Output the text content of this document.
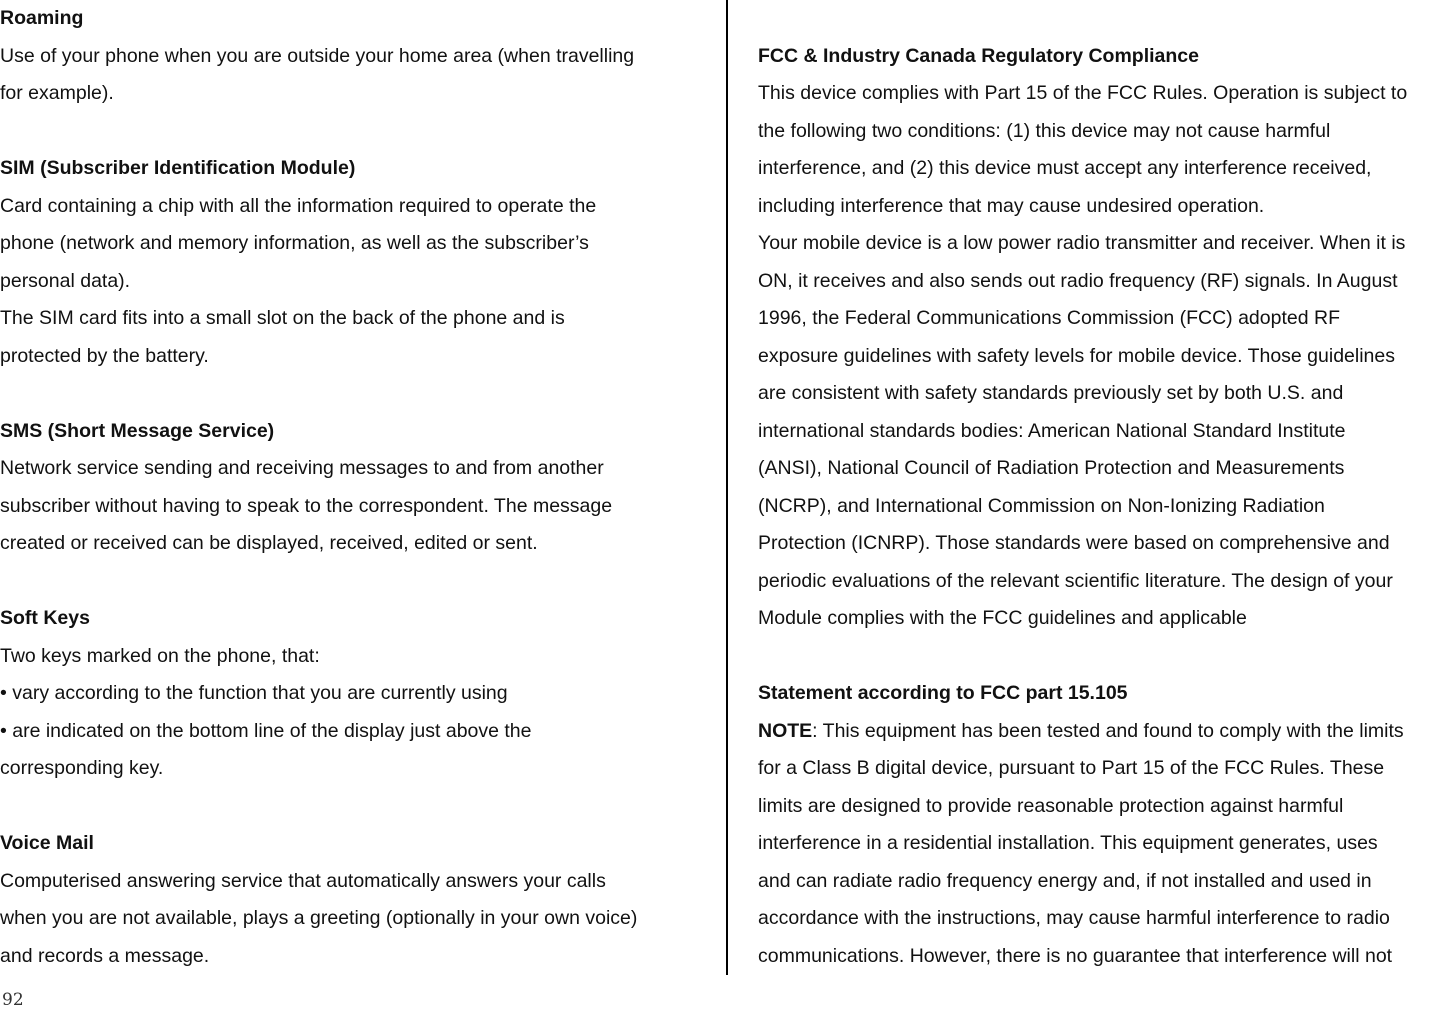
Roaming
Use of your phone when you are outside your home area (when travelling
for example).
SIM (Subscriber Identification Module)
Card containing a chip with all the information required to operate the
phone (network and memory information, as well as the subscriber’s
personal data).
The SIM card fits into a small slot on the back of the phone and is
protected by the battery.
SMS (Short Message Service)
Network service sending and receiving messages to and from another
subscriber without having to speak to the correspondent. The message
created or received can be displayed, received, edited or sent.
Soft Keys
Two keys marked on the phone, that:
• vary according to the function that you are currently using
• are indicated on the bottom line of the display just above the
corresponding key.
Voice Mail
Computerised answering service that automatically answers your calls
when you are not available, plays a greeting (optionally in your own voice)
and records a message.
FCC & Industry Canada Regulatory Compliance
This device complies with Part 15 of the FCC Rules. Operation is subject to
the following two conditions: (1) this device may not cause harmful
interference, and (2) this device must accept any interference received,
including interference that may cause undesired operation.
Your mobile device is a low power radio transmitter and receiver. When it is
ON, it receives and also sends out radio frequency (RF) signals. In August
1996, the Federal Communications Commission (FCC) adopted RF
exposure guidelines with safety levels for mobile device. Those guidelines
are consistent with safety standards previously set by both U.S. and
international standards bodies: American National Standard Institute
(ANSI), National Council of Radiation Protection and Measurements
(NCRP), and International Commission on Non-Ionizing Radiation
Protection (ICNRP). Those standards were based on comprehensive and
periodic evaluations of the relevant scientific literature. The design of your
Module complies with the FCC guidelines and applicable
Statement according to FCC part 15.105
NOTE: This equipment has been tested and found to comply with the limits
for a Class B digital device, pursuant to Part 15 of the FCC Rules. These
limits are designed to provide reasonable protection against harmful
interference in a residential installation. This equipment generates, uses
and can radiate radio frequency energy and, if not installed and used in
accordance with the instructions, may cause harmful interference to radio
communications. However, there is no guarantee that interference will not
92
